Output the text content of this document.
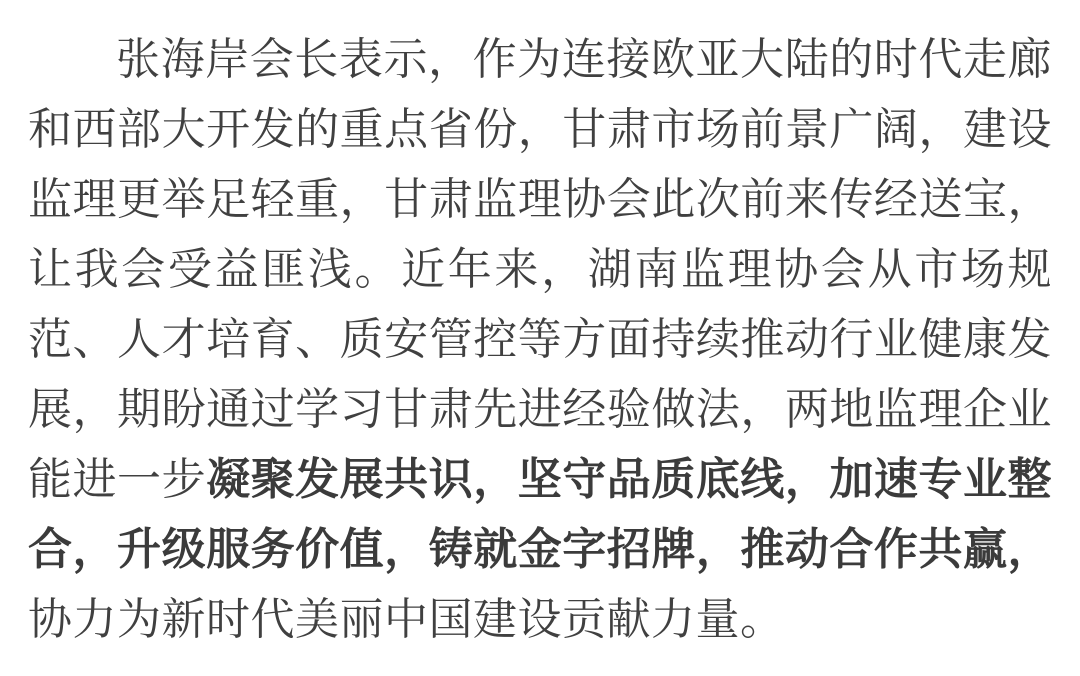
张海岸会长表示，作为连接欧亚大陆的时代走廊和西部大开发的重点省份，甘肃市场前景广阔，建设监理更举足轻重，甘肃监理协会此次前来传经送宝，让我会受益匪浅。近年来，湖南监理协会从市场规范、人才培育、质安管控等方面持续推动行业健康发展，期盼通过学习甘肃先进经验做法，两地监理企业能进一步凝聚发展共识，坚守品质底线，加速专业整合，升级服务价值，铸就金字招牌，推动合作共赢，协力为新时代美丽中国建设贡献力量。
